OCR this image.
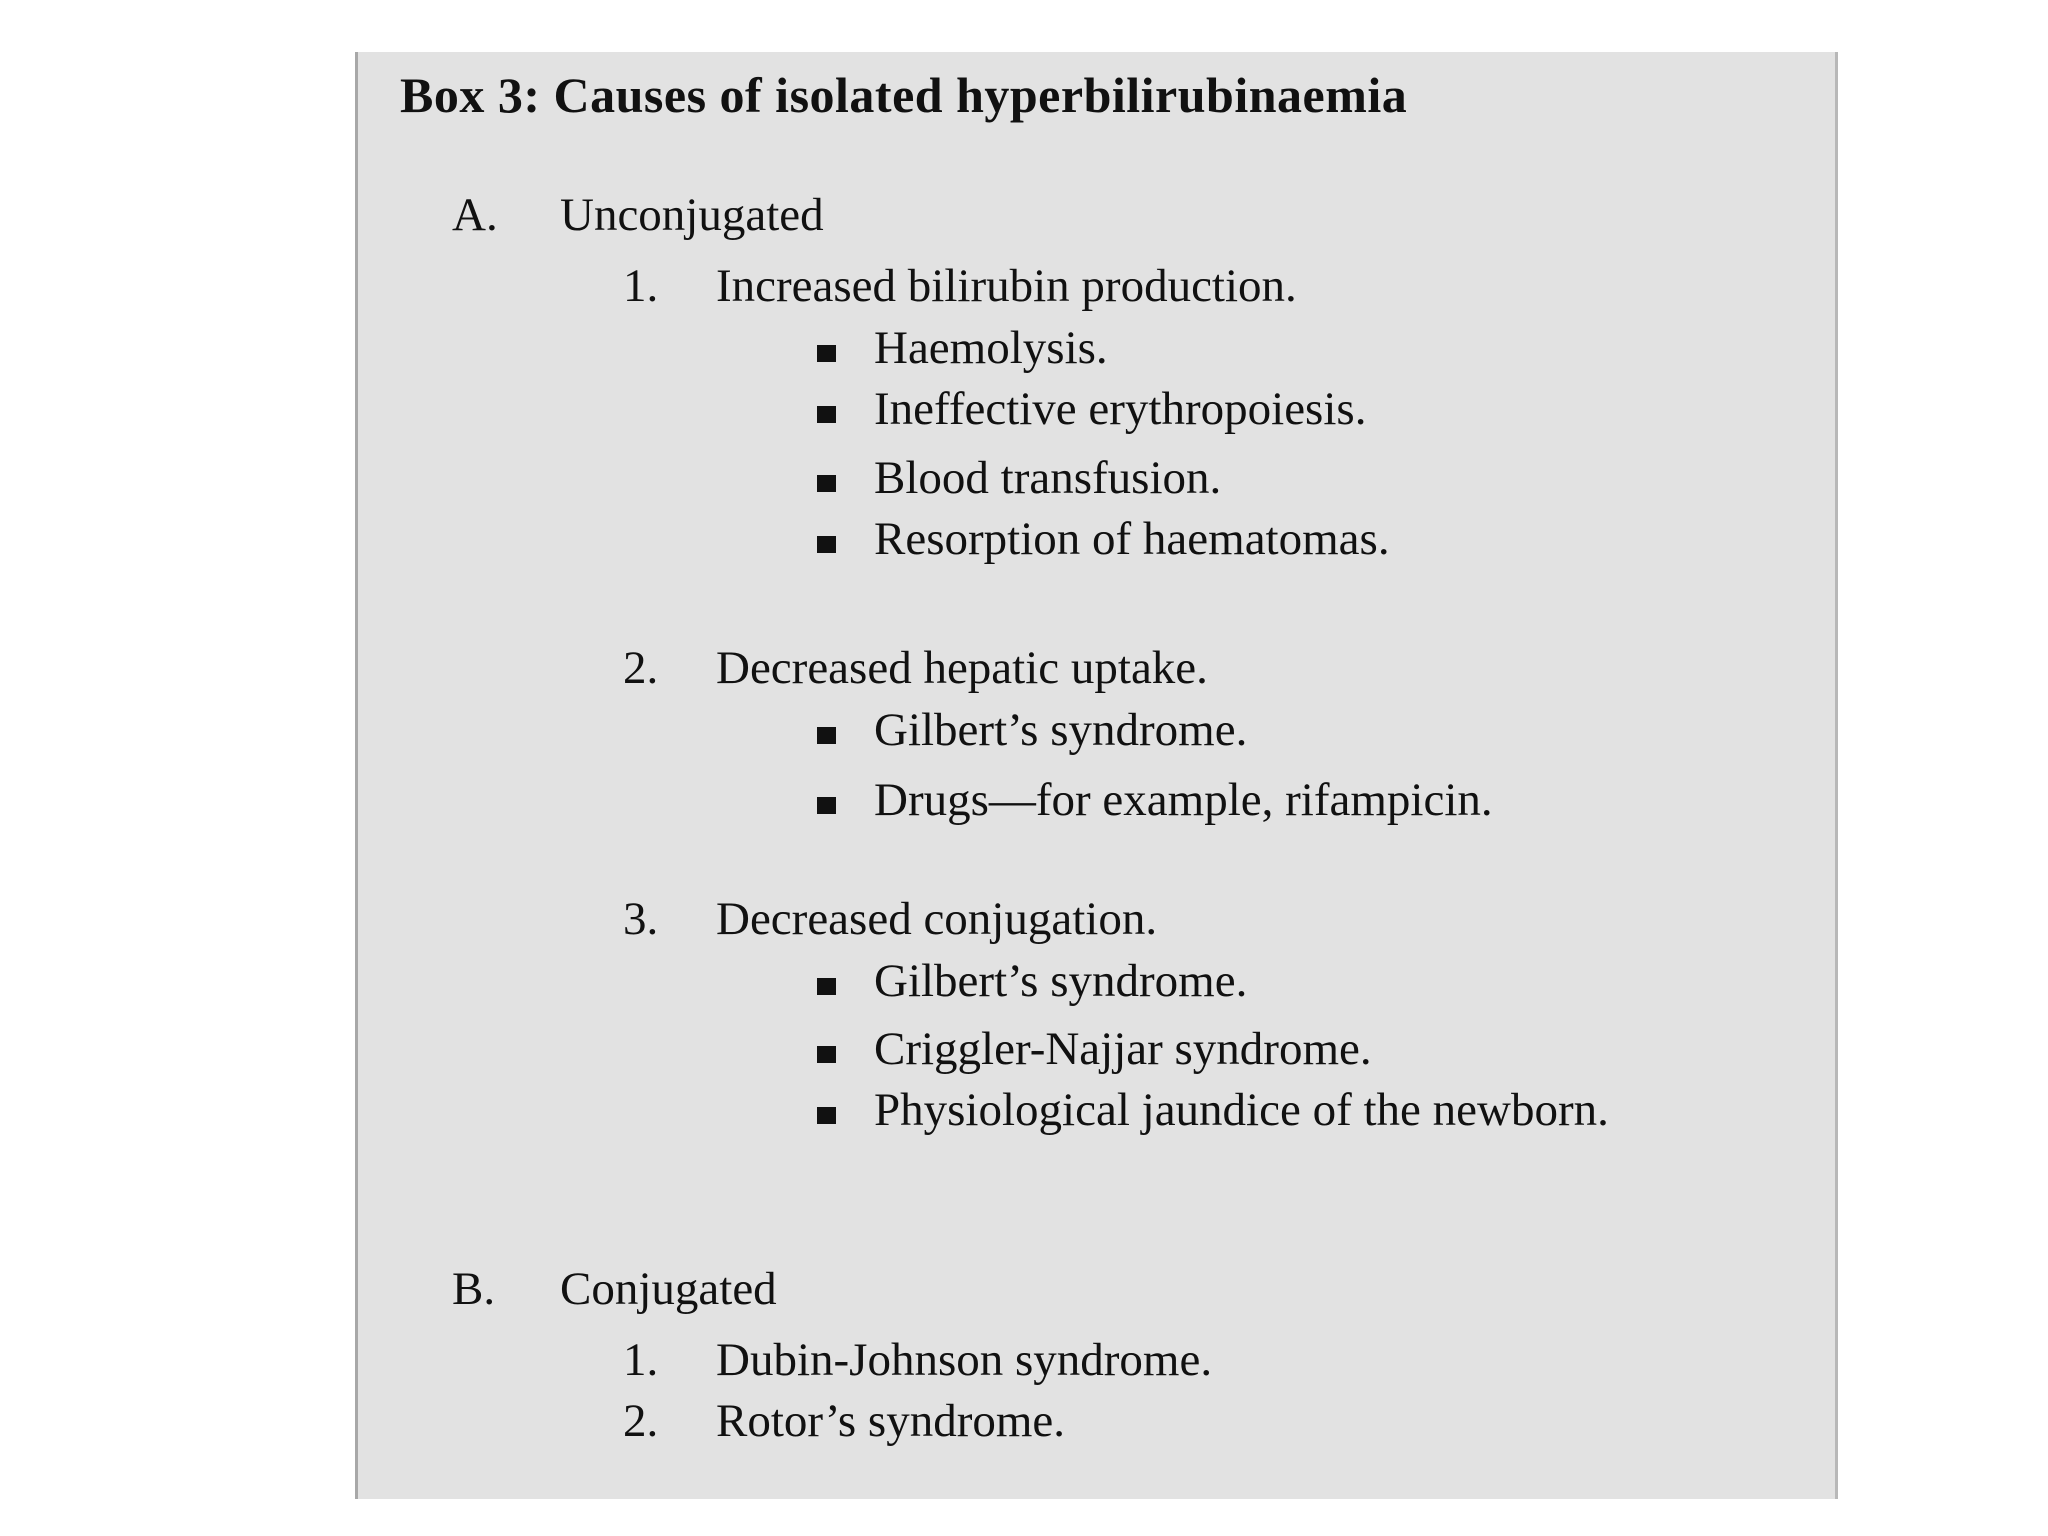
Box 3: Causes of isolated hyperbilirubinaemia
A. Unconjugated
1. Increased bilirubin production.
Haemolysis.
Ineffective erythropoiesis.
Blood transfusion.
Resorption of haematomas.
2. Decreased hepatic uptake.
Gilbert’s syndrome.
Drugs—for example, rifampicin.
3. Decreased conjugation.
Gilbert’s syndrome.
Criggler-Najjar syndrome.
Physiological jaundice of the newborn.
B. Conjugated
1. Dubin-Johnson syndrome.
2. Rotor’s syndrome.
